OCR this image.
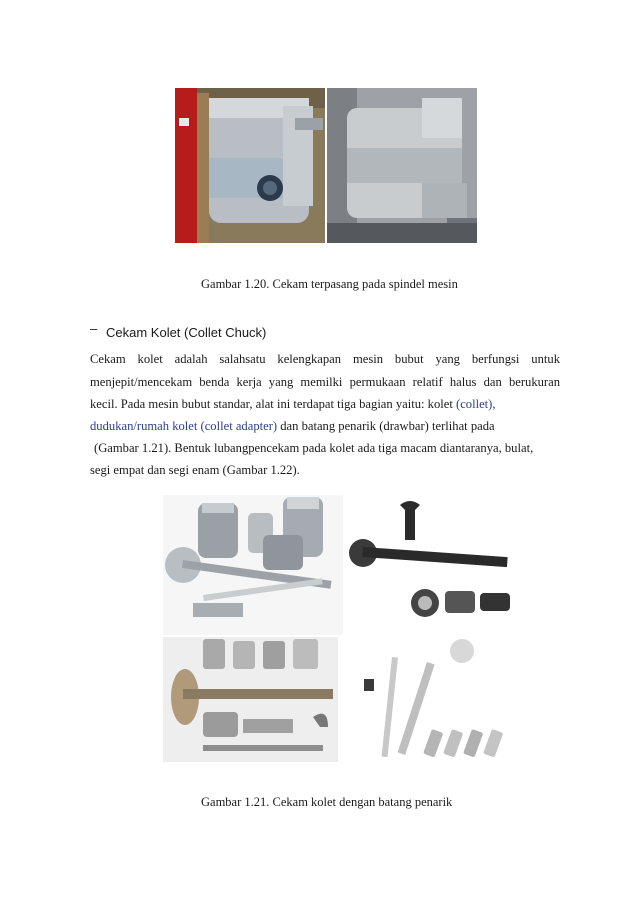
Gambar 1.20. Cekam terpasang pada spindel mesin
– Cekam Kolet (Collet Chuck)
Cekam kolet adalah salahsatu kelengkapan mesin bubut yang berfungsi untuk
menjepit/mencekam benda kerja yang memilki permukaan relatif halus dan berukuran
kecil. Pada mesin bubut standar, alat ini terdapat tiga bagian yaitu: kolet (collet),
dudukan/rumah kolet (collet adapter) dan batang penarik (drawbar) terlihat pada
(Gambar 1.21). Bentuk lubangpencekam pada kolet ada tiga macam diantaranya, bulat,
segi empat dan segi enam (Gambar 1.22).
Gambar 1.21. Cekam kolet dengan batang penarik
